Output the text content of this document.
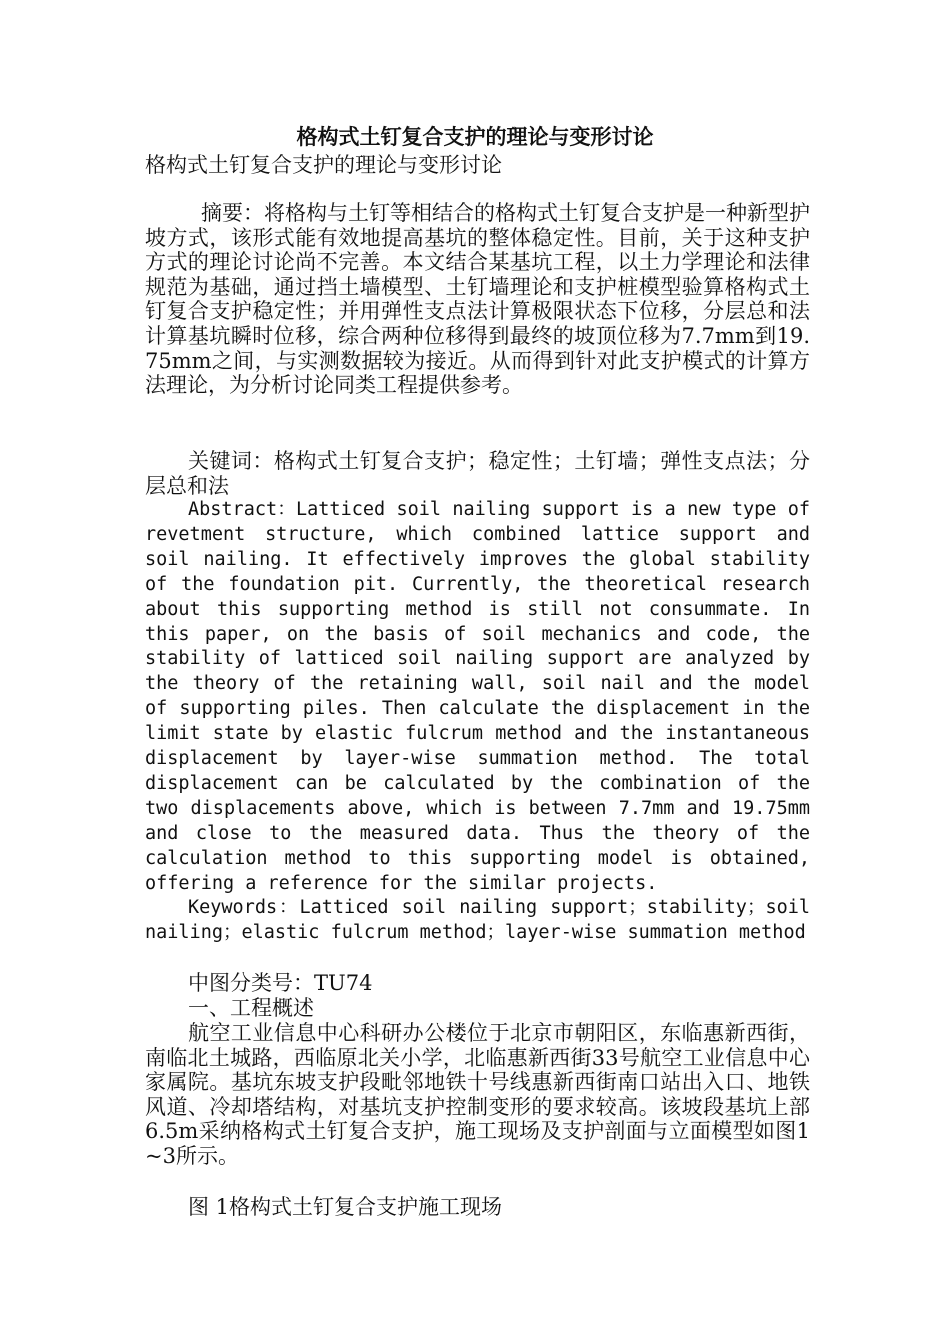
格构式土钉复合支护的理论与变形讨论
格构式土钉复合支护的理论与变形讨论
摘要：将格构与土钉等相结合的格构式土钉复合支护是一种新型护坡方式，该形式能有效地提高基坑的整体稳定性。目前，关于这种支护方式的理论讨论尚不完善。本文结合某基坑工程，以土力学理论和法律规范为基础，通过挡土墙模型、土钉墙理论和支护桩模型验算格构式土钉复合支护稳定性；并用弹性支点法计算极限状态下位移，分层总和法计算基坑瞬时位移，综合两种位移得到最终的坡顶位移为7.7mm到19.75mm之间，与实测数据较为接近。从而得到针对此支护模式的计算方法理论，为分析讨论同类工程提供参考。
关键词：格构式土钉复合支护；稳定性；土钉墙；弹性支点法；分层总和法
Abstract：Latticed soil nailing support is a new type of revetment structure, which combined lattice support and soil nailing. It effectively improves the global stability of the foundation pit. Currently, the theoretical research about this supporting method is still not consummate. In this paper, on the basis of soil mechanics and code, the stability of latticed soil nailing support are analyzed by the theory of the retaining wall, soil nail and the model of supporting piles. Then calculate the displacement in the limit state by elastic fulcrum method and the instantaneous displacement by layer-wise summation method. The total displacement can be calculated by the combination of the two displacements above, which is between 7.7mm and 19.75mm and close to the measured data. Thus the theory of the calculation method to this supporting model is obtained, offering a reference for the similar projects.
Keywords：Latticed soil nailing support；stability；soil nailing；elastic fulcrum method；layer-wise summation method
中图分类号：TU74
一、工程概述
航空工业信息中心科研办公楼位于北京市朝阳区，东临惠新西街，南临北土城路，西临原北关小学，北临惠新西街33号航空工业信息中心家属院。基坑东坡支护段毗邻地铁十号线惠新西街南口站出入口、地铁风道、冷却塔结构，对基坑支护控制变形的要求较高。该坡段基坑上部6.5m采纳格构式土钉复合支护，施工现场及支护剖面与立面模型如图1~3所示。
图 1格构式土钉复合支护施工现场
